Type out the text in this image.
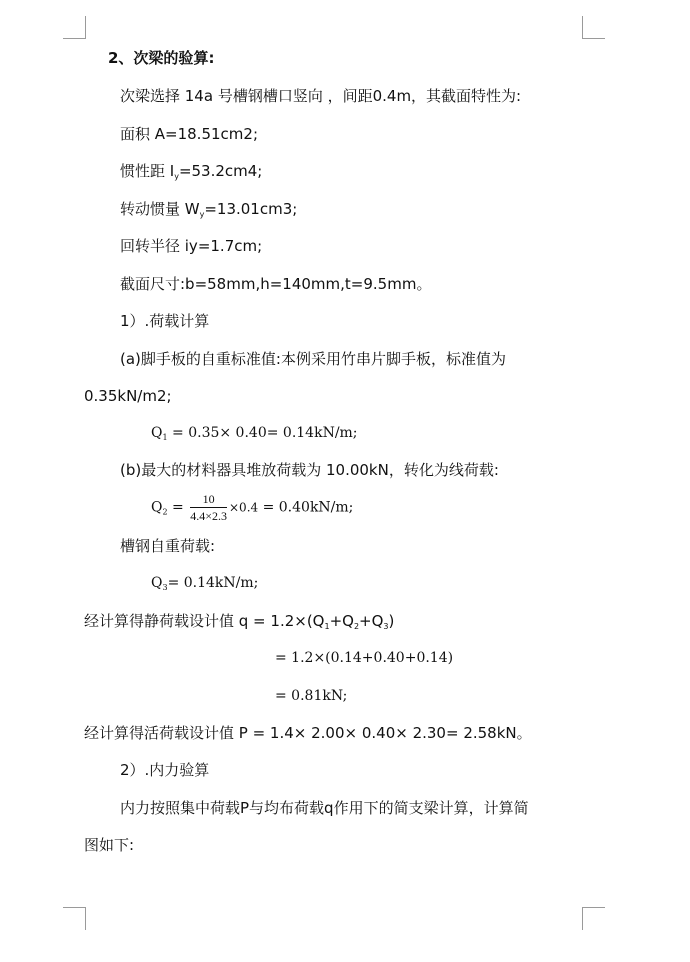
2、次梁的验算:
次梁选择 14a 号槽钢槽口竖向 ，间距0.4m，其截面特性为:
面积 A=18.51cm2;
惯性距 $I_y=53.2cm4$;
转动惯量 $W_y=13.01cm3$;
回转半径 iy=1.7cm;
截面尺寸:b=58mm,h=140mm,t=9.5mm。
1）.荷载计算
(a)脚手板的自重标准值:本例采用竹串片脚手板，标准值为
0.35kN/m2;
$Q_1 = 0.35\times 0.40= 0.14kN/m$;
(b)最大的材料器具堆放荷载为 10.00kN，转化为线荷载:
$Q_2 = \frac{10}{4.4\times 2.3} \times 0.4 = 0.40kN/m$;
槽钢自重荷载:
$Q_3= 0.14kN/m$;
经计算得静荷载设计值 $q = 1.2\times(Q_1+Q_2+Q_3)$
= 1.2×(0.14+0.40+0.14)
= 0.81kN;
经计算得活荷载设计值 P = 1.4× 2.00× 0.40× 2.30= 2.58kN。
2）.内力验算
内力按照集中荷载P与均布荷载q作用下的简支梁计算，计算简
图如下:
